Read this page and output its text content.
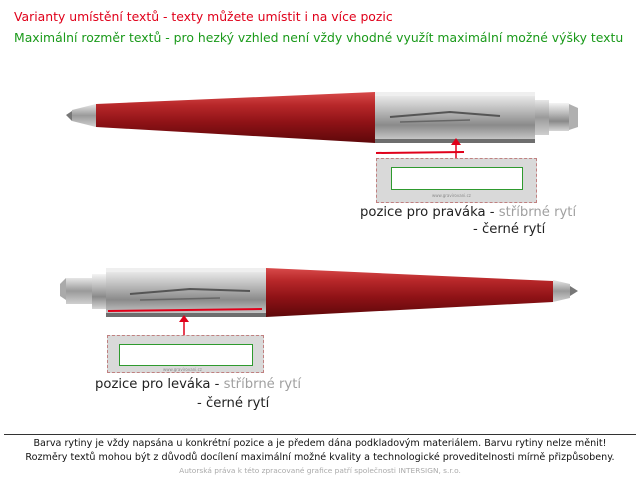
Varianty umístění textů - texty můžete umístit i na více pozic
Maximální rozměr textů - pro hezký vzhled není vždy vhodné využít maximální možné výšky textu
www.gravirovani.cz
pozice pro praváka - stříbrné rytí
- černé rytí
www.gravirovani.cz
pozice pro leváka - stříbrné rytí
- černé rytí
Barva rytiny je vždy napsána u konkrétní pozice a je předem dána podkladovým materiálem. Barvu rytiny nelze měnit!
Rozměry textů mohou být z důvodů docílení maximální možné kvality a technologické proveditelnosti mírně přizpůsobeny.
Autorská práva k této zpracované grafice patří společnosti INTERSIGN, s.r.o.
